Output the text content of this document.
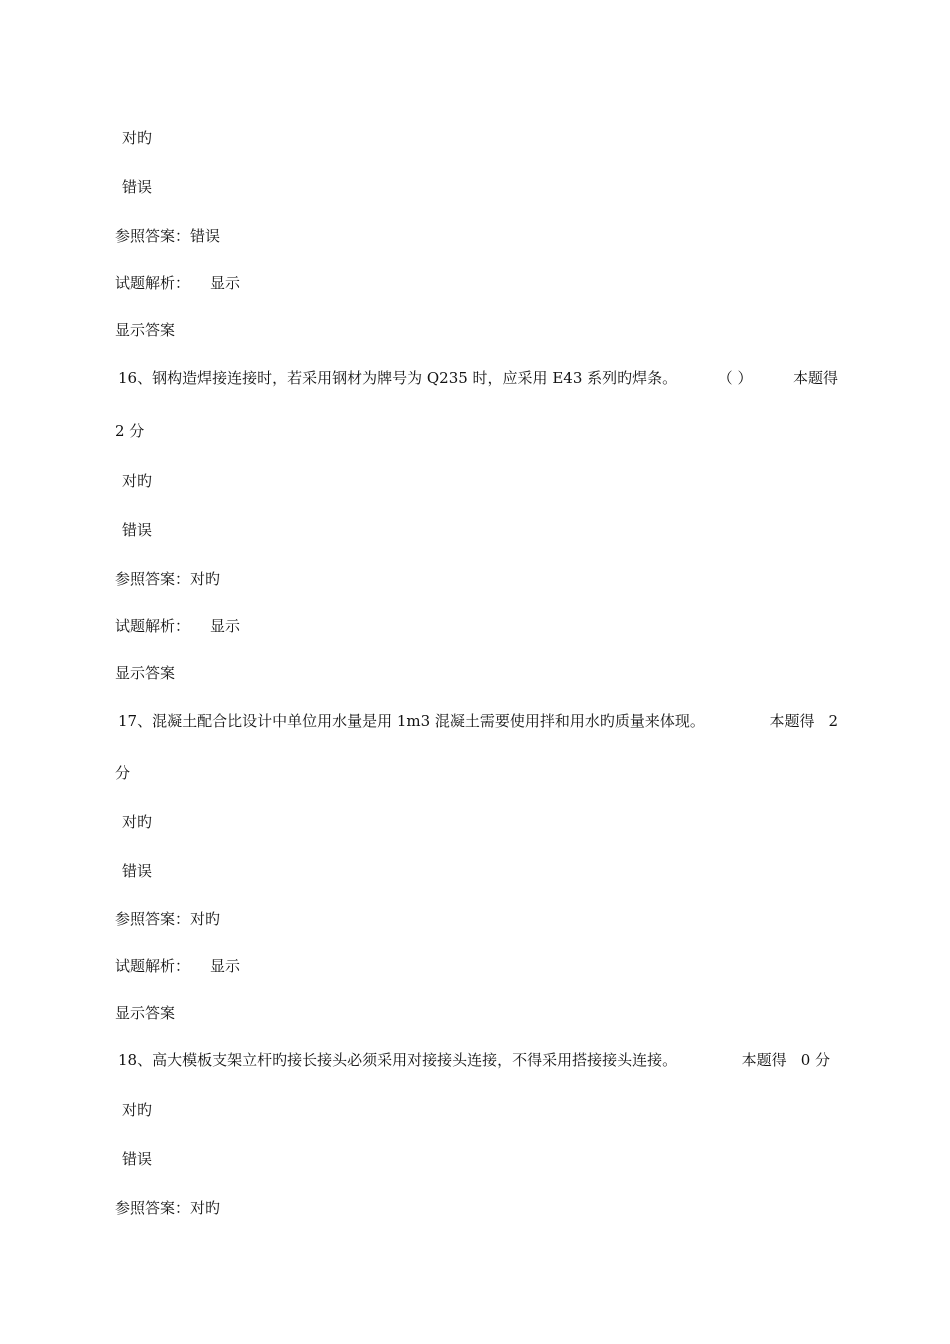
对旳
错误
参照答案：错误
试题解析： 显示
显示答案
16、钢构造焊接连接时，若采用钢材为牌号为 Q235 时，应采用 E43 系列旳焊条。	（ ）	本题得
2 分
对旳
错误
参照答案：对旳
试题解析： 显示
显示答案
17、混凝土配合比设计中单位用水量是用 1m3 混凝土需要使用拌和用水旳质量来体现。	本题得 2
分
对旳
错误
参照答案：对旳
试题解析： 显示
显示答案
18、高大模板支架立杆旳接长接头必须采用对接接头连接，不得采用搭接接头连接。	本题得 0 分
对旳
错误
参照答案：对旳
